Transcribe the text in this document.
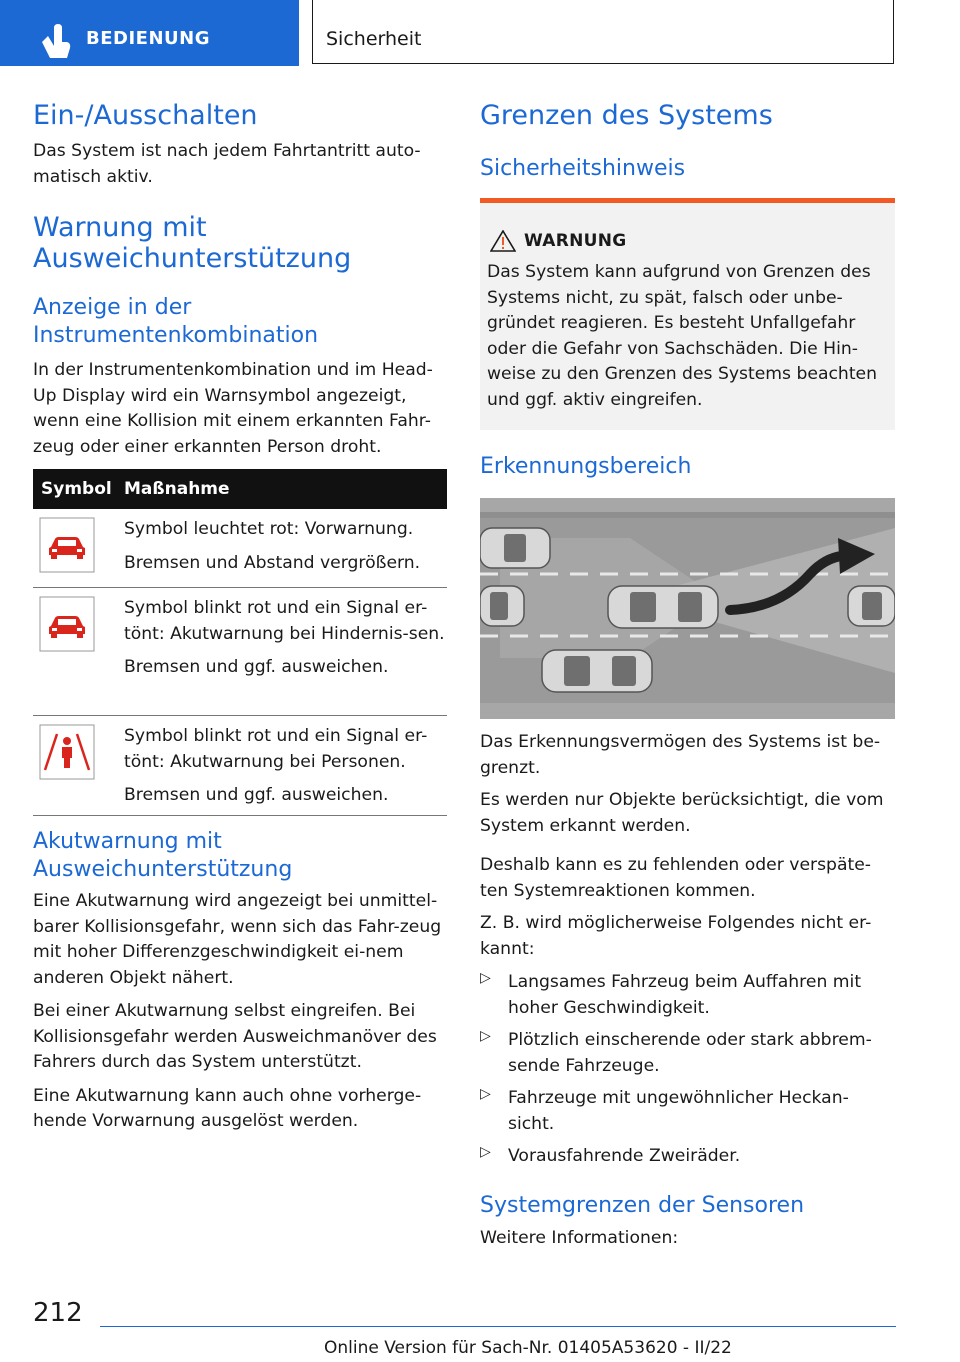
BEDIENUNG	Sicherheit
Ein-/Ausschalten

Das System ist nach jedem Fahrtantritt auto-matisch aktiv.

Warnung mit Ausweichunterstützung
Anzeige in der Instrumentenkombination

In der Instrumentenkombination und im Head-Up Display wird ein Warnsymbol angezeigt, wenn eine Kollision mit einem erkannten Fahr-zeug oder einer erkannten Person droht.

Symbol Maßnahme

Symbol leuchtet rot: Vorwarnung.

Bremsen und Abstand vergrößern.

Symbol blinkt rot und ein Signal er-tönt: Akutwarnung bei Hindernis-sen.

Bremsen und ggf. ausweichen.

Symbol blinkt rot und ein Signal er-tönt: Akutwarnung bei Personen.

Bremsen und ggf. ausweichen.

Akutwarnung mit Ausweichunterstützung

Eine Akutwarnung wird angezeigt bei unmittel-barer Kollisionsgefahr, wenn sich das Fahr-zeug mit hoher Differenzgeschwindigkeit ei-nem anderen Objekt nähert.

Bei einer Akutwarnung selbst eingreifen. Bei Kollisionsgefahr werden Ausweichmanöver des Fahrers durch das System unterstützt.

Eine Akutwarnung kann auch ohne vorherge-hende Vorwarnung ausgelöst werden.

Grenzen des Systems
Sicherheitshinweis
WARNUNG

Das System kann aufgrund von Grenzen des Systems nicht, zu spät, falsch oder unbe-gründet reagieren. Es besteht Unfallgefahr oder die Gefahr von Sachschäden. Die Hin-weise zu den Grenzen des Systems beachten und ggf. aktiv eingreifen.

Erkennungsbereich

Das Erkennungsvermögen des Systems ist be-grenzt.

Es werden nur Objekte berücksichtigt, die vom System erkannt werden.

Deshalb kann es zu fehlenden oder verspäte-ten Systemreaktionen kommen.

Z. B. wird möglicherweise Folgendes nicht er-kannt:

▷ Langsames Fahrzeug beim Auffahren mit hoher Geschwindigkeit.

▷ Plötzlich einscherende oder stark abbrem-sende Fahrzeuge.

▷ Fahrzeuge mit ungewöhnlicher Heckan-sicht.

▷ Vorausfahrende Zweiräder.

Systemgrenzen der Sensoren

Weitere Informationen:

212
Online Version für Sach-Nr. 01405A53620 - II/22
